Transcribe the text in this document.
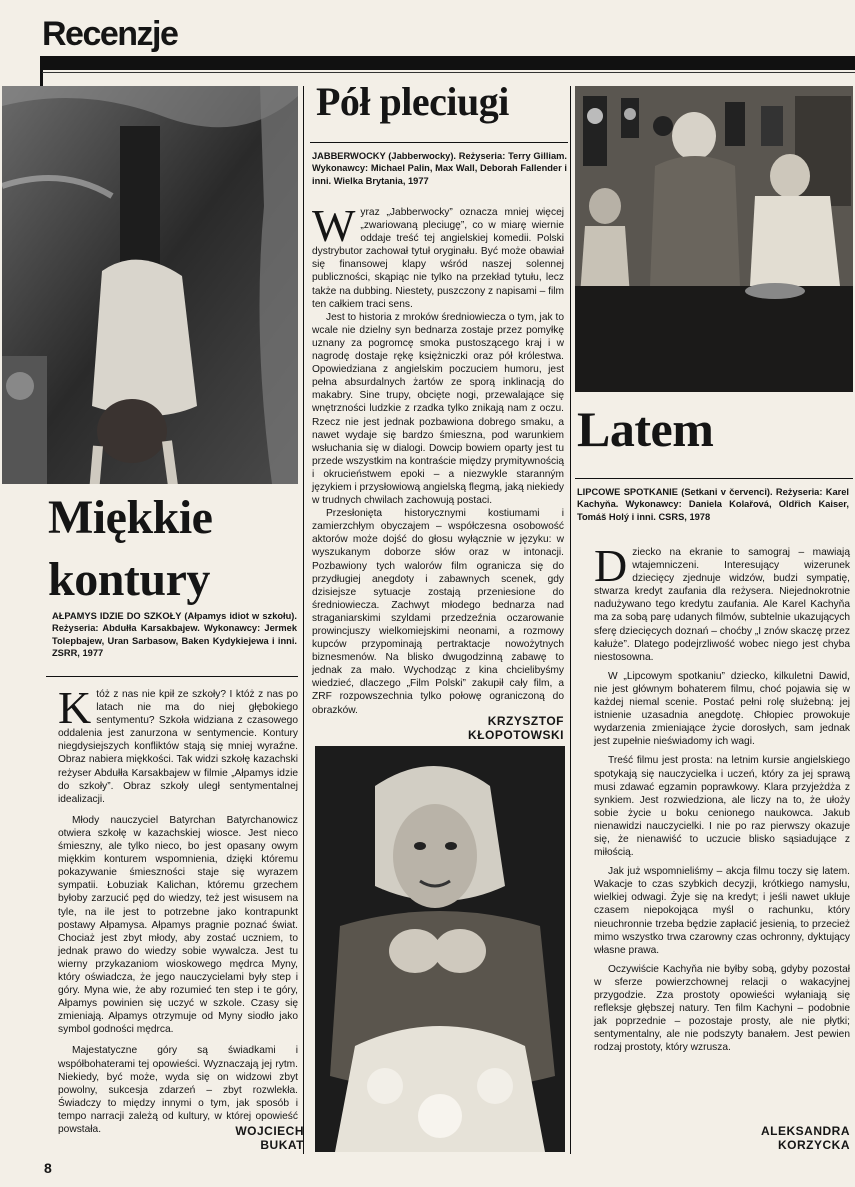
Recenzje
Miękkie
kontury
AŁPAMYS IDZIE DO SZKOŁY (Ałpamys idiot w szkołu). Reżyseria: Abdułła Karsakbajew. Wykonawcy: Jermek Tolepbajew, Uran Sarbasow, Baken Kydykiejewa i inni. ZSRR, 1977

Któż z nas nie kpił ze szkoły? I któż z nas po latach nie ma do niej głębokiego sentymentu? Szkoła widziana z czasowego oddalenia jest zanurzona w sentymencie. Kontury niegdysiejszych konfliktów stają się mniej wyraźne. Obraz nabiera miękkości. Tak widzi szkołę kazachski reżyser Abdułła Karsakbajew w filmie „Ałpamys idzie do szkoły”. Obraz szkoły uległ sentymentalnej idealizacji.

Młody nauczyciel Batyrchan Batyrchanowicz otwiera szkołę w kazachskiej wiosce. Jest nieco śmieszny, ale tylko nieco, bo jest opasany owym miękkim konturem wspomnienia, dzięki któremu pokazywanie śmieszności staje się wyrazem sympatii. Łobuziak Kalichan, któremu grzechem byłoby zarzucić pęd do wiedzy, też jest wisusem na tyle, na ile jest to potrzebne jako kontrapunkt postawy Ałpamysa. Ałpamys pragnie poznać świat. Chociaż jest zbyt młody, aby zostać uczniem, to jednak prawo do wiedzy sobie wywalcza. Jest tu wierny przykazaniom wioskowego mędrca Myny, który oświadcza, że jego nauczycielami były step i góry. Myna wie, że aby rozumieć ten step i te góry, Ałpamys powinien się uczyć w szkole. Czasy się zmieniają. Ałpamys otrzymuje od Myny siodło jako symbol godności mędrca.

Majestatyczne góry są świadkami i współbohaterami tej opowieści. Wyznaczają jej rytm. Niekiedy, być może, wyda się on widzowi zbyt powolny, sukcesja zdarzeń – zbyt rozwlekła. Świadczy to między innymi o tym, jak sposób i tempo narracji zależą od kultury, w której opowieść powstała.	WOJCIECH
BUKAT
Pół pleciugi
JABBERWOCKY (Jabberwocky). Reżyseria: Terry Gilliam. Wykonawcy: Michael Palin, Max Wall, Deborah Fallender i inni. Wielka Brytania, 1977

Wyraz „Jabberwocky” oznacza mniej więcej „zwariowaną pleciugę”, co w miarę wiernie oddaje treść tej angielskiej komedii. Polski dystrybutor zachował tytuł oryginału. Być może obawiał się finansowej klapy wśród naszej solennej publiczności, skąpiąc nie tylko na przekład tytułu, lecz także na dubbing. Niestety, puszczony z napisami – film ten całkiem traci sens.

Jest to historia z mroków średniowiecza o tym, jak to wcale nie dzielny syn bednarza zostaje przez pomyłkę uznany za pogromcę smoka pustoszącego kraj i w nagrodę dostaje rękę księżniczki oraz pół królestwa. Opowiedziana z angielskim poczuciem humoru, jest pełna absurdalnych żartów ze sporą inklinacją do makabry. Sine trupy, obcięte nogi, przewalające się wnętrzności ludzkie z rzadka tylko znikają nam z oczu. Rzecz nie jest jednak pozbawiona dobrego smaku, a nawet wydaje się bardzo śmieszna, pod warunkiem wsłuchania się w dialogi. Dowcip bowiem oparty jest tu przede wszystkim na kontraście między prymitywnością i okrucieństwem epoki – a niezwykle staranným językiem i przysłowiową angielską flegmą, jaką niekiedy w trudnych chwilach zachowują postaci.

Przesłonięta historycznymi kostiumami i zamierzchłym obyczajem – współczesna osobowość aktorów może dojść do głosu wyłącznie w języku: w wyszukanym doborze słów oraz w intonacji. Pozbawiony tych walorów film ogranicza się do przydługiej anegdoty i zabawnych scenek, gdy dzisiejsze sytuacje zostają przeniesione do średniowiecza. Zachwyt młodego bednarza nad straganiarskimi szyldami przedzeźnia oczarowanie prowincjuszy wielkomiejskimi neonami, a rozmowy kupców przypominają pertraktacje nowożytnych biznesmenów. Na blisko dwugodzinną zabawę to jednak za mało. Wychodząc z kina chcielibyśmy wiedzieć, dlaczego „Film Polski” zakupił cały film, a ZRF rozpowszechnia tylko połowę ograniczoną do obrazków.

KRZYSZTOF
KŁOPOTOWSKI
Latem
LIPCOWE SPOTKANIE (Setkani v červenci). Reżyseria: Karel Kachyňa. Wykonawcy: Daniela Kolařová, Oldřich Kaiser, Tomáš Holý i inni. CSRS, 1978

Dziecko na ekranie to samograj – mawiają wtajemniczeni. Interesujący wizerunek dziecięcy zjednuje widzów, budzi sympatię, stwarza kredyt zaufania dla reżysera. Niejednokrotnie nadużywano tego kredytu zaufania. Ale Karel Kachyňa ma za sobą parę udanych filmów, subtelnie ukazujących sferę dziecięcych doznań – choćby „I znów skaczę przez kałuże”. Dlatego podejrzliwość wobec niego jest chyba niestosowna.

W „Lipcowym spotkaniu” dziecko, kilkuletni Dawid, nie jest głównym bohaterem filmu, choć pojawia się w każdej niemal scenie. Postać pełni rolę służebną: jej istnienie uzasadnia anegdotę. Chłopiec prowokuje wydarzenia zmieniające życie dorosłych, sam jednak jest zupełnie nieświadomy ich wagi.

Treść filmu jest prosta: na letnim kursie angielskiego spotykają się nauczycielka i uczeń, który za jej sprawą musi zdawać egzamin poprawkowy. Klara przyjeżdża z synkiem. Jest rozwiedziona, ale liczy na to, że ułoży sobie życie u boku cenionego naukowca. Jakub nienawidzi nauczycielki. I nie po raz pierwszy okazuje się, że nienawiść to uczucie blisko sąsiadujące z miłością.

Jak już wspomnieliśmy – akcja filmu toczy się latem. Wakacje to czas szybkich decyzji, krótkiego namysłu, wielkiej odwagi. Żyje się na kredyt; i jeśli nawet ukłuje czasem niepokojąca myśl o rachunku, który nieuchronnie trzeba będzie zapłacić jesienią, to przecież mimo wszystko trwa czarowny czas ochronny, dyktujący własne prawa.

Oczywiście Kachyňa nie byłby sobą, gdyby pozostał w sferze powierzchownej relacji o wakacyjnej przygodzie. Zza prostoty opowieści wyłaniają się refleksje głębszej natury. Ten film Kachyni – podobnie jak poprzednie – pozostaje prosty, ale nie płytki; sentymentalny, ale nie podszyty banałem. Jest pewien rodzaj prostoty, który wzrusza.

ALEKSANDRA
KORZYCKA
8
